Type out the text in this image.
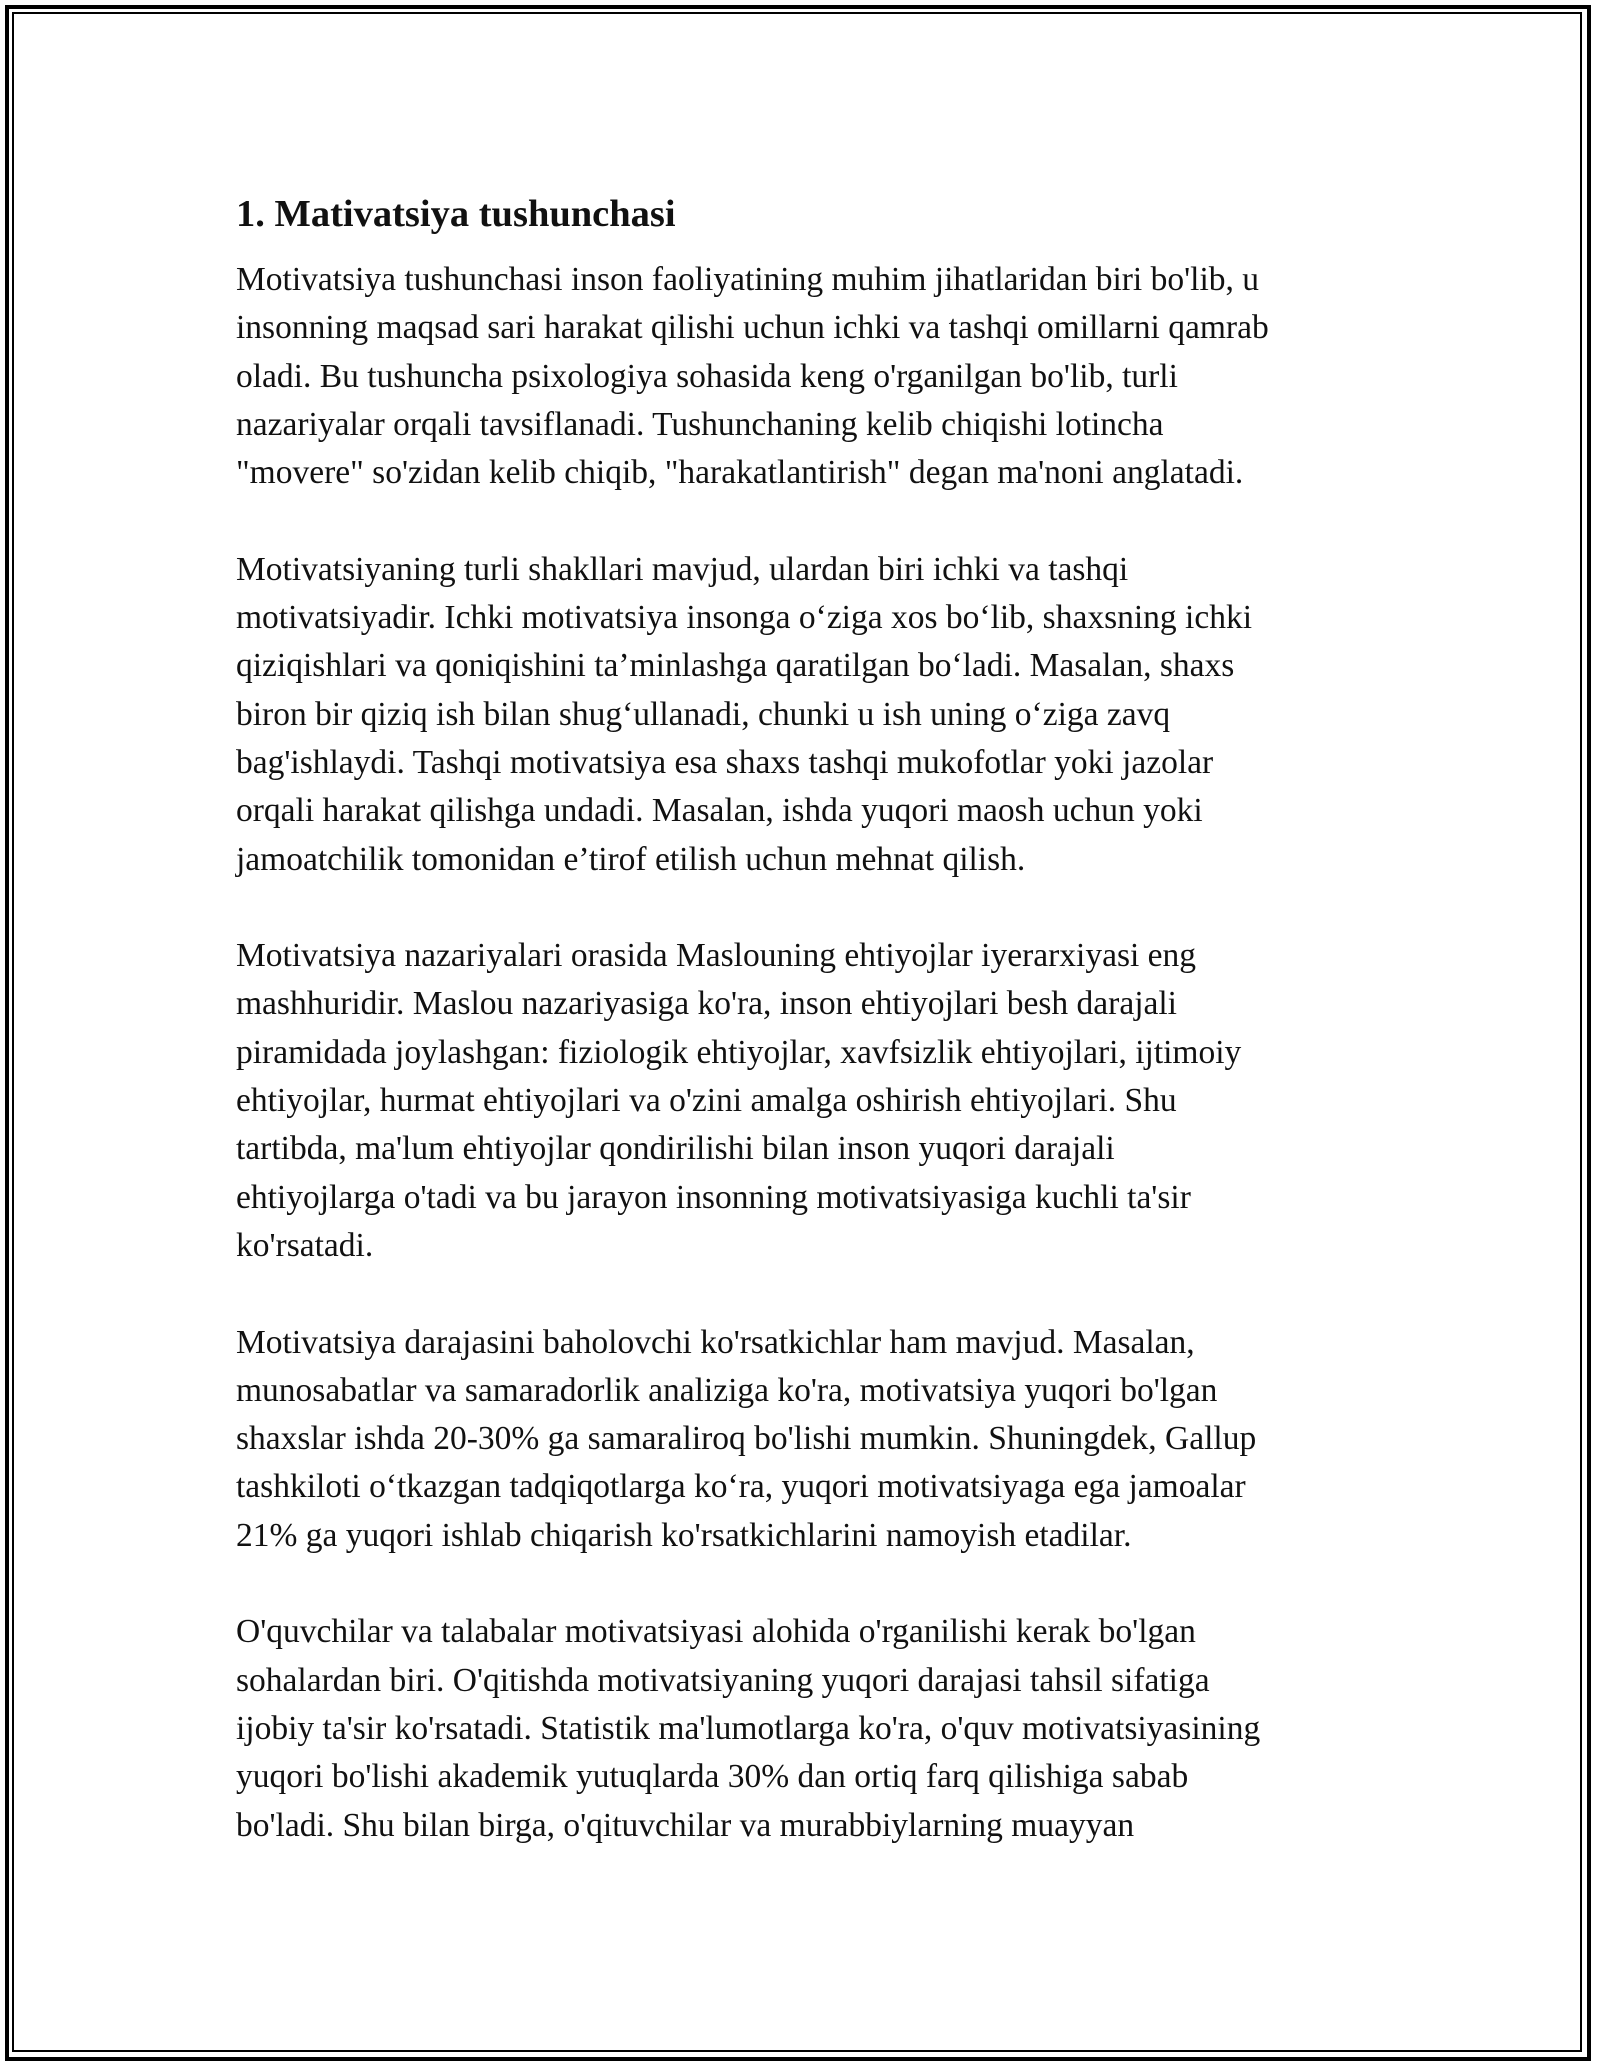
1. Mativatsiya tushunchasi

Motivatsiya tushunchasi inson faoliyatining muhim jihatlaridan biri bo'lib, u
insonning maqsad sari harakat qilishi uchun ichki va tashqi omillarni qamrab
oladi. Bu tushuncha psixologiya sohasida keng o'rganilgan bo'lib, turli
nazariyalar orqali tavsiflanadi. Tushunchaning kelib chiqishi lotincha
"movere" so'zidan kelib chiqib, "harakatlantirish" degan ma'noni anglatadi.

Motivatsiyaning turli shakllari mavjud, ulardan biri ichki va tashqi
motivatsiyadir. Ichki motivatsiya insonga o‘ziga xos bo‘lib, shaxsning ichki
qiziqishlari va qoniqishini ta’minlashga qaratilgan bo‘ladi. Masalan, shaxs
biron bir qiziq ish bilan shug‘ullanadi, chunki u ish uning o‘ziga zavq
bag'ishlaydi. Tashqi motivatsiya esa shaxs tashqi mukofotlar yoki jazolar
orqali harakat qilishga undadi. Masalan, ishda yuqori maosh uchun yoki
jamoatchilik tomonidan e’tirof etilish uchun mehnat qilish.

Motivatsiya nazariyalari orasida Maslouning ehtiyojlar iyerarxiyasi eng
mashhuridir. Maslou nazariyasiga ko'ra, inson ehtiyojlari besh darajali
piramidada joylashgan: fiziologik ehtiyojlar, xavfsizlik ehtiyojlari, ijtimoiy
ehtiyojlar, hurmat ehtiyojlari va o'zini amalga oshirish ehtiyojlari. Shu
tartibda, ma'lum ehtiyojlar qondirilishi bilan inson yuqori darajali
ehtiyojlarga o'tadi va bu jarayon insonning motivatsiyasiga kuchli ta'sir
ko'rsatadi.

Motivatsiya darajasini baholovchi ko'rsatkichlar ham mavjud. Masalan,
munosabatlar va samaradorlik analiziga ko'ra, motivatsiya yuqori bo'lgan
shaxslar ishda 20-30% ga samaraliroq bo'lishi mumkin. Shuningdek, Gallup
tashkiloti o‘tkazgan tadqiqotlarga ko‘ra, yuqori motivatsiyaga ega jamoalar
21% ga yuqori ishlab chiqarish ko'rsatkichlarini namoyish etadilar.

O'quvchilar va talabalar motivatsiyasi alohida o'rganilishi kerak bo'lgan
sohalardan biri. O'qitishda motivatsiyaning yuqori darajasi tahsil sifatiga
ijobiy ta'sir ko'rsatadi. Statistik ma'lumotlarga ko'ra, o'quv motivatsiyasining
yuqori bo'lishi akademik yutuqlarda 30% dan ortiq farq qilishiga sabab
bo'ladi. Shu bilan birga, o'qituvchilar va murabbiylarning muayyan
